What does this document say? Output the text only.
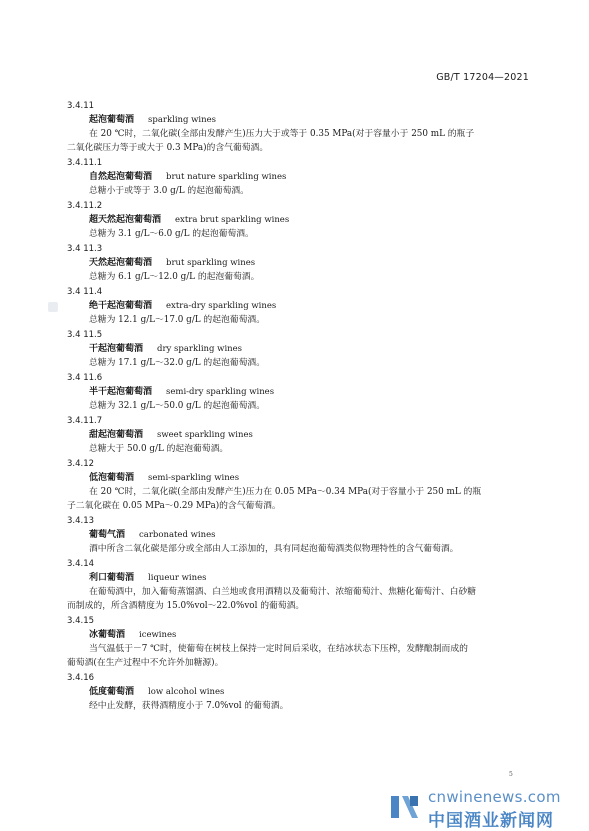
GB/T 17204—2021
3.4.11
起泡葡萄酒 sparkling wines
在 20 ℃时，二氧化碳(全部由发酵产生)压力大于或等于 0.35 MPa(对于容量小于 250 mL 的瓶子
二氧化碳压力等于或大于 0.3 MPa)的含气葡萄酒。
3.4.11.1
自然起泡葡萄酒 brut nature sparkling wines
总糖小于或等于 3.0 g/L 的起泡葡萄酒。
3.4.11.2
超天然起泡葡萄酒 extra brut sparkling wines
总糖为 3.1 g/L～6.0 g/L 的起泡葡萄酒。
3.4 11.3
天然起泡葡萄酒 brut sparkling wines
总糖为 6.1 g/L～12.0 g/L 的起泡葡萄酒。
3.4 11.4
绝干起泡葡萄酒 extra-dry sparkling wines
总糖为 12.1 g/L～17.0 g/L 的起泡葡萄酒。
3.4 11.5
干起泡葡萄酒 dry sparkling wines
总糖为 17.1 g/L～32.0 g/L 的起泡葡萄酒。
3.4 11.6
半干起泡葡萄酒 semi-dry sparkling wines
总糖为 32.1 g/L～50.0 g/L 的起泡葡萄酒。
3.4.11.7
甜起泡葡萄酒 sweet sparkling wines
总糖大于 50.0 g/L 的起泡葡萄酒。
3.4.12
低泡葡萄酒 semi-sparkling wines
在 20 ℃时，二氧化碳(全部由发酵产生)压力在 0.05 MPa～0.34 MPa(对于容量小于 250 mL 的瓶
子二氧化碳在 0.05 MPa～0.29 MPa)的含气葡萄酒。
3.4.13
葡萄气酒 carbonated wines
酒中所含二氧化碳是部分或全部由人工添加的，具有同起泡葡萄酒类似物理特性的含气葡萄酒。
3.4.14
利口葡萄酒 liqueur wines
在葡萄酒中，加入葡萄蒸馏酒、白兰地或食用酒精以及葡萄汁、浓缩葡萄汁、焦糖化葡萄汁、白砂糖
而制成的，所含酒精度为 15.0%vol～22.0%vol 的葡萄酒。
3.4.15
冰葡萄酒 icewines
当气温低于－7 ℃时，使葡萄在树枝上保持一定时间后采收，在结冰状态下压榨，发酵酿制而成的
葡萄酒(在生产过程中不允许外加糖源)。
3.4.16
低度葡萄酒 low alcohol wines
经中止发酵，获得酒精度小于 7.0%vol 的葡萄酒。
5
cnwinenews.com
中国酒业新闻网
